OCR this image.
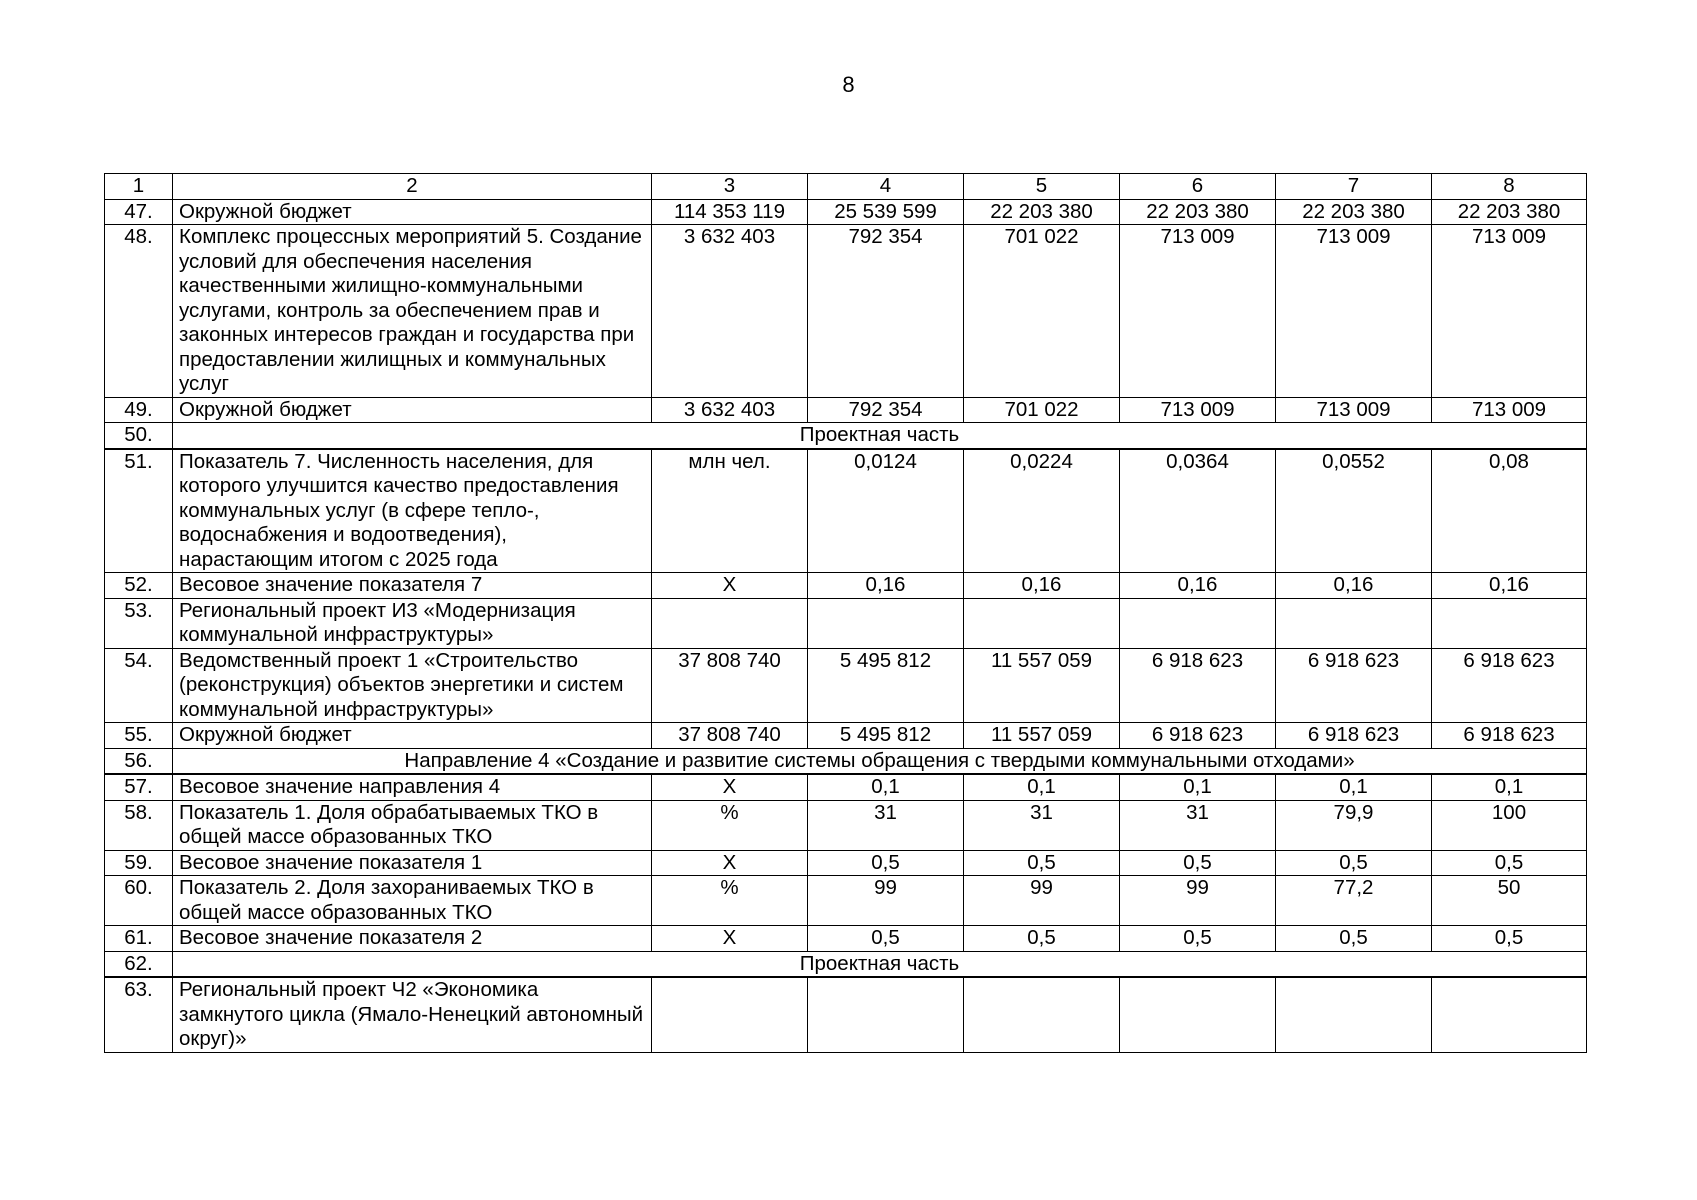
8
1	2	3	4	5	6	7	8
47.	Окружной бюджет	114 353 119	25 539 599	22 203 380	22 203 380	22 203 380	22 203 380
48.	Комплекс процессных мероприятий 5. Создание условий для обеспечения населения качественными жилищно-коммунальными услугами, контроль за обеспечением прав и законных интересов граждан и государства при предоставлении жилищных и коммунальных услуг	3 632 403	792 354	701 022	713 009	713 009	713 009
49.	Окружной бюджет	3 632 403	792 354	701 022	713 009	713 009	713 009
50.	Проектная часть						
51.	Показатель 7. Численность населения, для которого улучшится качество предоставления коммунальных услуг (в сфере тепло-, водоснабжения и водоотведения), нарастающим итогом с 2025 года	млн чел.	0,0124	0,0224	0,0364	0,0552	0,08
52.	Весовое значение показателя 7	X	0,16	0,16	0,16	0,16	0,16
53.	Региональный проект И3 «Модернизация коммунальной инфраструктуры»						
54.	Ведомственный проект 1 «Строительство (реконструкция) объектов энергетики и систем коммунальной инфраструктуры»	37 808 740	5 495 812	11 557 059	6 918 623	6 918 623	6 918 623
55.	Окружной бюджет	37 808 740	5 495 812	11 557 059	6 918 623	6 918 623	6 918 623
56.	Направление 4 «Создание и развитие системы обращения с твердыми коммунальными отходами»						
57.	Весовое значение направления 4	X	0,1	0,1	0,1	0,1	0,1
58.	Показатель 1. Доля обрабатываемых ТКО в общей массе образованных ТКО	%	31	31	31	79,9	100
59.	Весовое значение показателя 1	X	0,5	0,5	0,5	0,5	0,5
60.	Показатель 2. Доля захораниваемых ТКО в общей массе образованных ТКО	%	99	99	99	77,2	50
61.	Весовое значение показателя 2	X	0,5	0,5	0,5	0,5	0,5
62.	Проектная часть						
63.	Региональный проект Ч2 «Экономика замкнутого цикла (Ямало-Ненецкий автономный округ)»						
